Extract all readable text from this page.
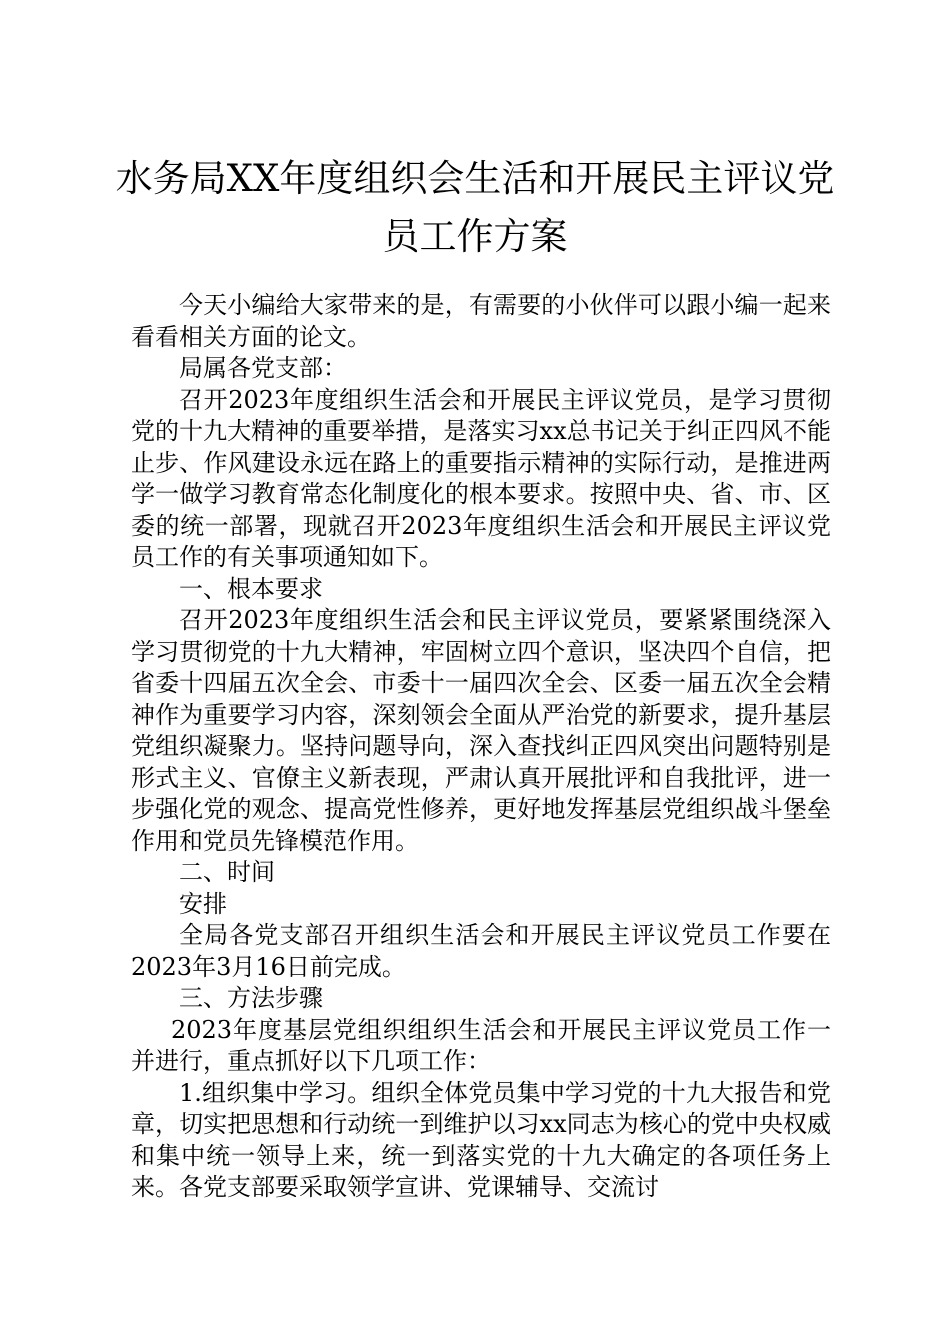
水务局XX年度组织会生活和开展民主评议党
员工作方案

今天小编给大家带来的是，有需要的小伙伴可以跟小编一起来看看相关方面的论文。

局属各党支部：

召开2023年度组织生活会和开展民主评议党员，是学习贯彻党的十九大精神的重要举措，是落实习xx总书记关于纠正四风不能止步、作风建设永远在路上的重要指示精神的实际行动，是推进两学一做学习教育常态化制度化的根本要求。按照中央、省、市、区委的统一部署，现就召开2023年度组织生活会和开展民主评议党员工作的有关事项通知如下。

一、根本要求

召开2023年度组织生活会和民主评议党员，要紧紧围绕深入学习贯彻党的十九大精神，牢固树立四个意识，坚决四个自信，把省委十四届五次全会、市委十一届四次全会、区委一届五次全会精神作为重要学习内容，深刻领会全面从严治党的新要求，提升基层党组织凝聚力。坚持问题导向，深入查找纠正四风突出问题特别是形式主义、官僚主义新表现，严肃认真开展批评和自我批评，进一步强化党的观念、提高党性修养，更好地发挥基层党组织战斗堡垒作用和党员先锋模范作用。

二、时间

安排

全局各党支部召开组织生活会和开展民主评议党员工作要在2023年3月16日前完成。

三、方法步骤

2023年度基层党组织组织生活会和开展民主评议党员工作一并进行，重点抓好以下几项工作：

1.组织集中学习。组织全体党员集中学习党的十九大报告和党章，切实把思想和行动统一到维护以习xx同志为核心的党中央权威和集中统一领导上来，统一到落实党的十九大确定的各项任务上来。各党支部要采取领学宣讲、党课辅导、交流讨
